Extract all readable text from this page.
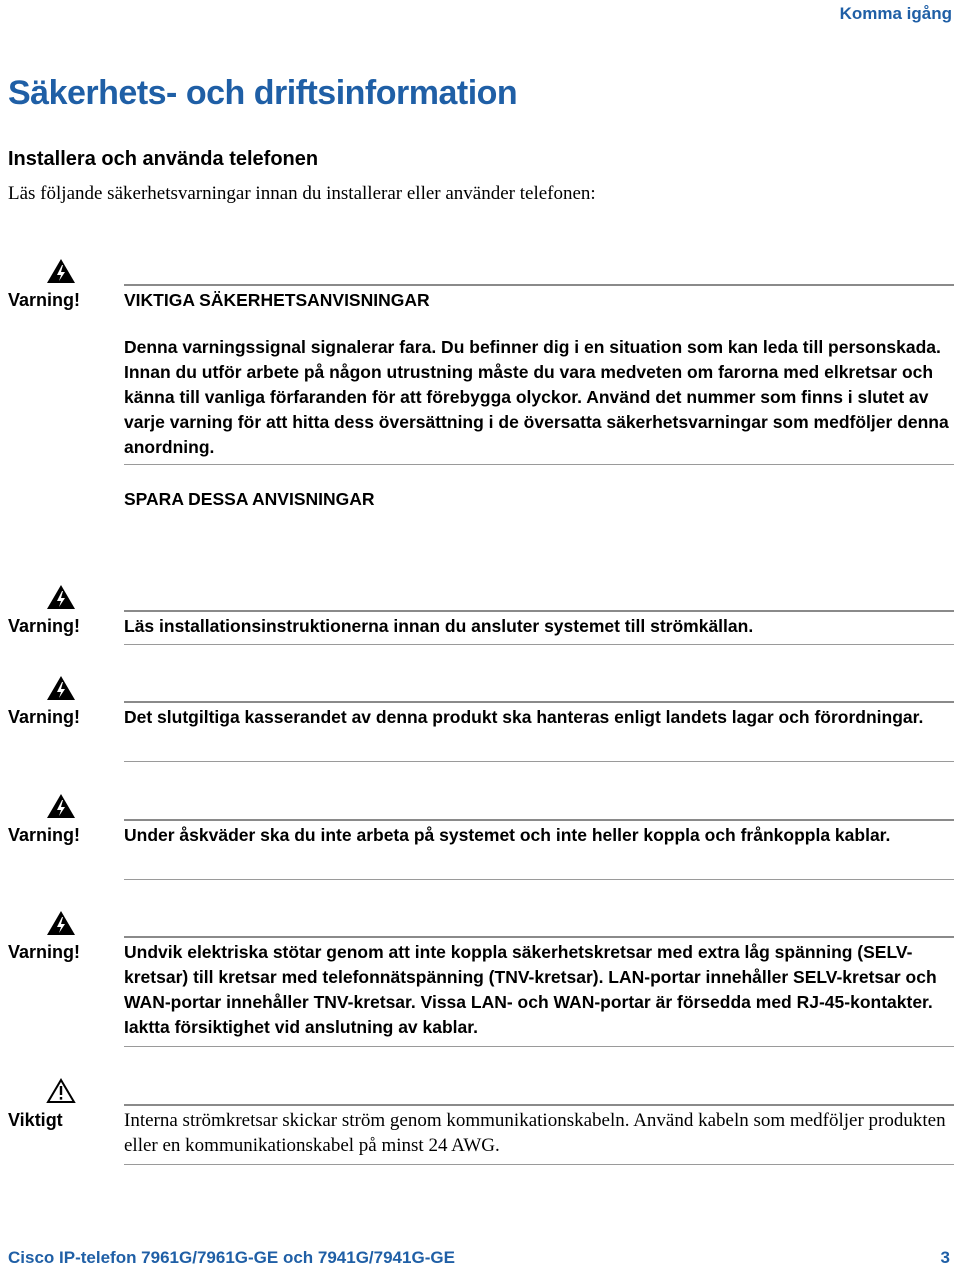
Komma igång
Säkerhets- och driftsinformation
Installera och använda telefonen

Läs följande säkerhetsvarningar innan du installerar eller använder telefonen:

Varning!	VIKTIGA SÄKERHETSANVISNINGAR

Denna varningssignal signalerar fara. Du befinner dig i en situation som kan leda till personskada. Innan du utför arbete på någon utrustning måste du vara medveten om farorna med elkretsar och känna till vanliga förfaranden för att förebygga olyckor. Använd det nummer som finns i slutet av varje varning för att hitta dess översättning i de översatta säkerhetsvarningar som medföljer denna anordning.

SPARA DESSA ANVISNINGAR

Varning!	Läs installationsinstruktionerna innan du ansluter systemet till strömkällan.

Varning!	Det slutgiltiga kasserandet av denna produkt ska hanteras enligt landets lagar och förordningar.

Varning!	Under åskväder ska du inte arbeta på systemet och inte heller koppla och frånkoppla kablar.

Varning!	Undvik elektriska stötar genom att inte koppla säkerhetskretsar med extra låg spänning (SELV-kretsar) till kretsar med telefonnätspänning (TNV-kretsar). LAN-portar innehåller SELV-kretsar och WAN-portar innehåller TNV-kretsar. Vissa LAN- och WAN-portar är försedda med RJ-45-kontakter. Iaktta försiktighet vid anslutning av kablar.

Viktigt	Interna strömkretsar skickar ström genom kommunikationskabeln. Använd kabeln som medföljer produkten eller en kommunikationskabel på minst 24 AWG.

Cisco IP-telefon 7961G/7961G-GE och 7941G/7941G-GE	3
